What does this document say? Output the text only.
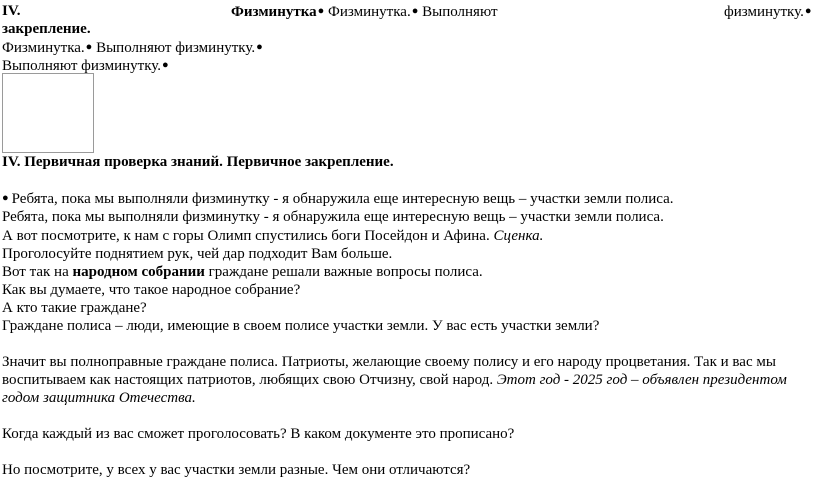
IV.	Физминутка● Физминутка.● Выполняют	физминутку.●
закрепление.
Физминутка.● Выполняют физминутку.●
Выполняют физминутку.●
IV. Первичная проверка знаний. Первичное закрепление.
● Ребята, пока мы выполняли физминутку - я обнаружила еще интересную вещь – участки земли полиса.
Ребята, пока мы выполняли физминутку - я обнаружила еще интересную вещь – участки земли полиса.
А вот посмотрите, к нам с горы Олимп спустились боги Посейдон и Афина. Сценка.
Проголосуйте поднятием рук, чей дар подходит Вам больше.
Вот так на народном собрании граждане решали важные вопросы полиса.
Как вы думаете, что такое народное собрание?
А кто такие граждане?
Граждане полиса – люди, имеющие в своем полисе участки земли. У вас есть участки земли?
Значит вы полноправные граждане полиса. Патриоты, желающие своему полису и его народу процветания. Так и вас мы
воспитываем как настоящих патриотов, любящих свою Отчизну, свой народ. Этот год - 2025 год – объявлен президентом
годом защитника Отечества.
Когда каждый из вас сможет проголосовать? В каком документе это прописано?
Но посмотрите, у всех у вас участки земли разные. Чем они отличаются?
